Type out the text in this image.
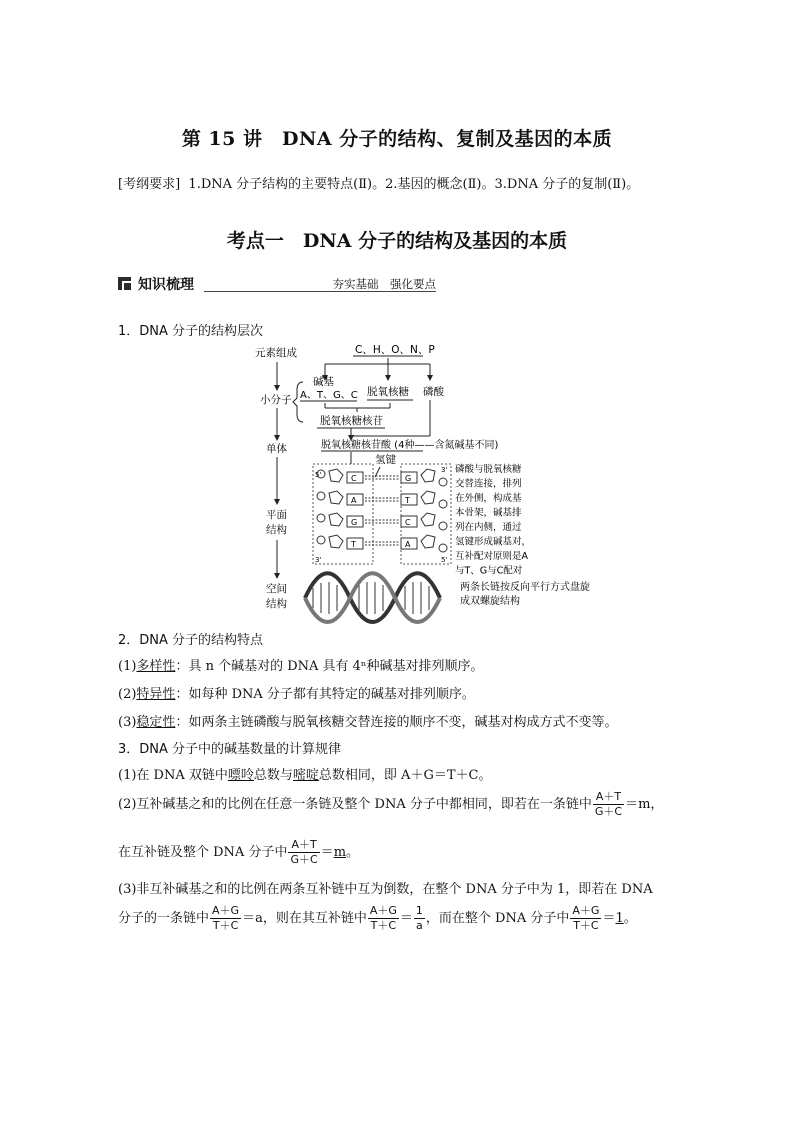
第 15 讲　DNA 分子的结构、复制及基因的本质
[考纲要求] 1.DNA 分子结构的主要特点(Ⅱ)。2.基因的概念(Ⅱ)。3.DNA 分子的复制(Ⅱ)。
考点一　DNA 分子的结构及基因的本质
知识梳理	夯实基础　强化要点
1．DNA 分子的结构层次
元素组成
小分子
单体
平面
结构
空间
结构
C、H、O、N、P
碱基
A、T、G、C 脱氧核糖 磷酸
脱氧核糖核苷
脱氧核糖核苷酸 (4种——含氮碱基不同)
氢键
5'
3'
3'	5'
C	G
A	T
G	C
T	A
磷酸与脱氧核糖
交替连接，排列
在外侧，构成基
本骨架，碱基排
列在内侧，通过
氢键形成碱基对，
互补配对原则是A
与T、G与C配对
两条长链按反向平行方式盘旋
成双螺旋结构
2．DNA 分子的结构特点
(1)多样性：具 n 个碱基对的 DNA 具有 4ⁿ种碱基对排列顺序。
(2)特异性：如每种 DNA 分子都有其特定的碱基对排列顺序。
(3)稳定性：如两条主链磷酸与脱氧核糖交替连接的顺序不变，碱基对构成方式不变等。
3．DNA 分子中的碱基数量的计算规律
(1)在 DNA 双链中嘌呤总数与嘧啶总数相同，即 A＋G＝T＋C。
(2)互补碱基之和的比例在任意一条链及整个 DNA 分子中都相同，即若在一条链中 $\frac{A+T}{G+C} =m$，
在互补链及整个 DNA 分子中 $\frac{A+T}{G+C} =m$。
(3)非互补碱基之和的比例在两条互补链中互为倒数，在整个 DNA 分子中为 1，即若在 DNA
分子的一条链中 $\frac{A+G}{T+C} =a$，则在其互补链中 $\frac{A+G}{T+C} = \frac{1}{a}$ ，而在整个 DNA 分子中 $\frac{A+G}{T+C} =1$。
